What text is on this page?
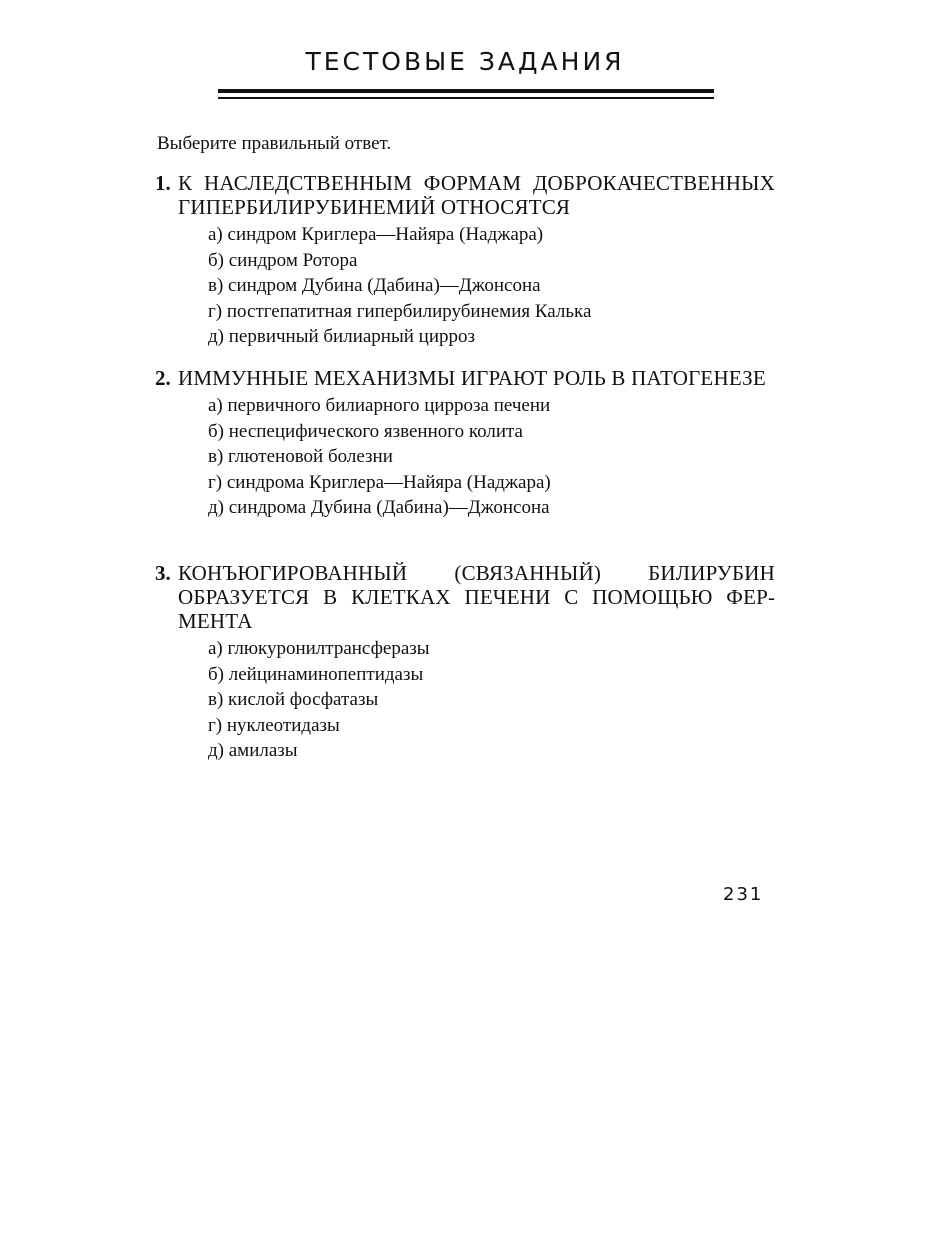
ТЕСТОВЫЕ ЗАДАНИЯ
Выберите правильный ответ.
1. К НАСЛЕДСТВЕННЫМ ФОРМАМ ДОБРОКАЧЕСТВЕННЫХ ГИПЕРБИЛИРУБИНЕМИЙ ОТНОСЯТСЯ
а) синдром Криглера—Найяра (Наджара)
б) синдром Ротора
в) синдром Дубина (Дабина)—Джонсона
г) постгепатитная гипербилирубинемия Калька
д) первичный билиарный цирроз
2. ИММУННЫЕ МЕХАНИЗМЫ ИГРАЮТ РОЛЬ В ПАТОГЕНЕЗЕ
а) первичного билиарного цирроза печени
б) неспецифического язвенного колита
в) глютеновой болезни
г) синдрома Криглера—Найяра (Наджара)
д) синдрома Дубина (Дабина)—Джонсона
3. КОНЪЮГИРОВАННЫЙ (СВЯЗАННЫЙ) БИЛИРУБИН ОБРАЗУЕТСЯ В КЛЕТКАХ ПЕЧЕНИ С ПОМОЩЬЮ ФЕРМЕНТА
а) глюкуронилтрансферазы
б) лейцинаминопептидазы
в) кислой фосфатазы
г) нуклеотидазы
д) амилазы
231
